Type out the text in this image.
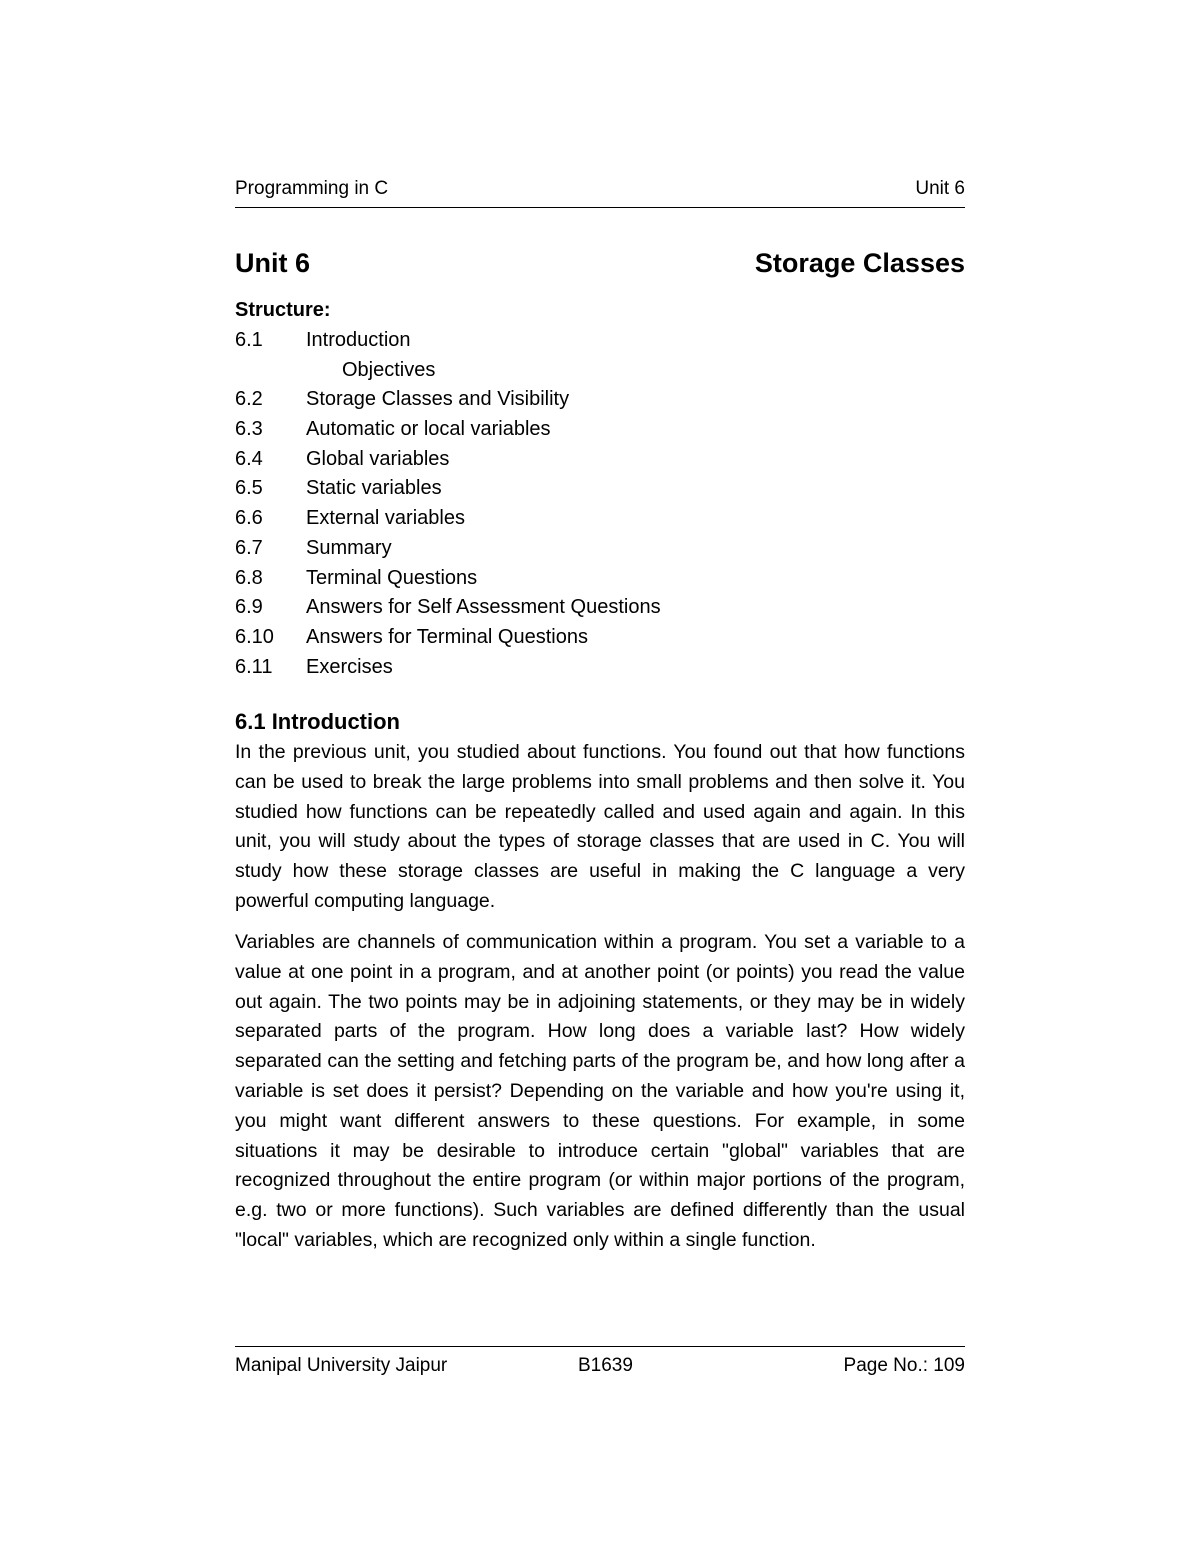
Programming in C	Unit 6
Unit 6	Storage Classes
Structure:
6.1	Introduction
Objectives
6.2	Storage Classes and Visibility
6.3	Automatic or local variables
6.4	Global variables
6.5	Static variables
6.6	External variables
6.7	Summary
6.8	Terminal Questions
6.9	Answers for Self Assessment Questions
6.10	Answers for Terminal Questions
6.11	Exercises
6.1 Introduction

In the previous unit, you studied about functions. You found out that how functions can be used to break the large problems into small problems and then solve it. You studied how functions can be repeatedly called and used again and again. In this unit, you will study about the types of storage classes that are used in C. You will study how these storage classes are useful in making the C language a very powerful computing language.

Variables are channels of communication within a program. You set a variable to a value at one point in a program, and at another point (or points) you read the value out again. The two points may be in adjoining statements, or they may be in widely separated parts of the program. How long does a variable last? How widely separated can the setting and fetching parts of the program be, and how long after a variable is set does it persist? Depending on the variable and how you're using it, you might want different answers to these questions. For example, in some situations it may be desirable to introduce certain "global" variables that are recognized throughout the entire program (or within major portions of the program, e.g. two or more functions). Such variables are defined differently than the usual "local" variables, which are recognized only within a single function.

Manipal University Jaipur	B1639	Page No.: 109
